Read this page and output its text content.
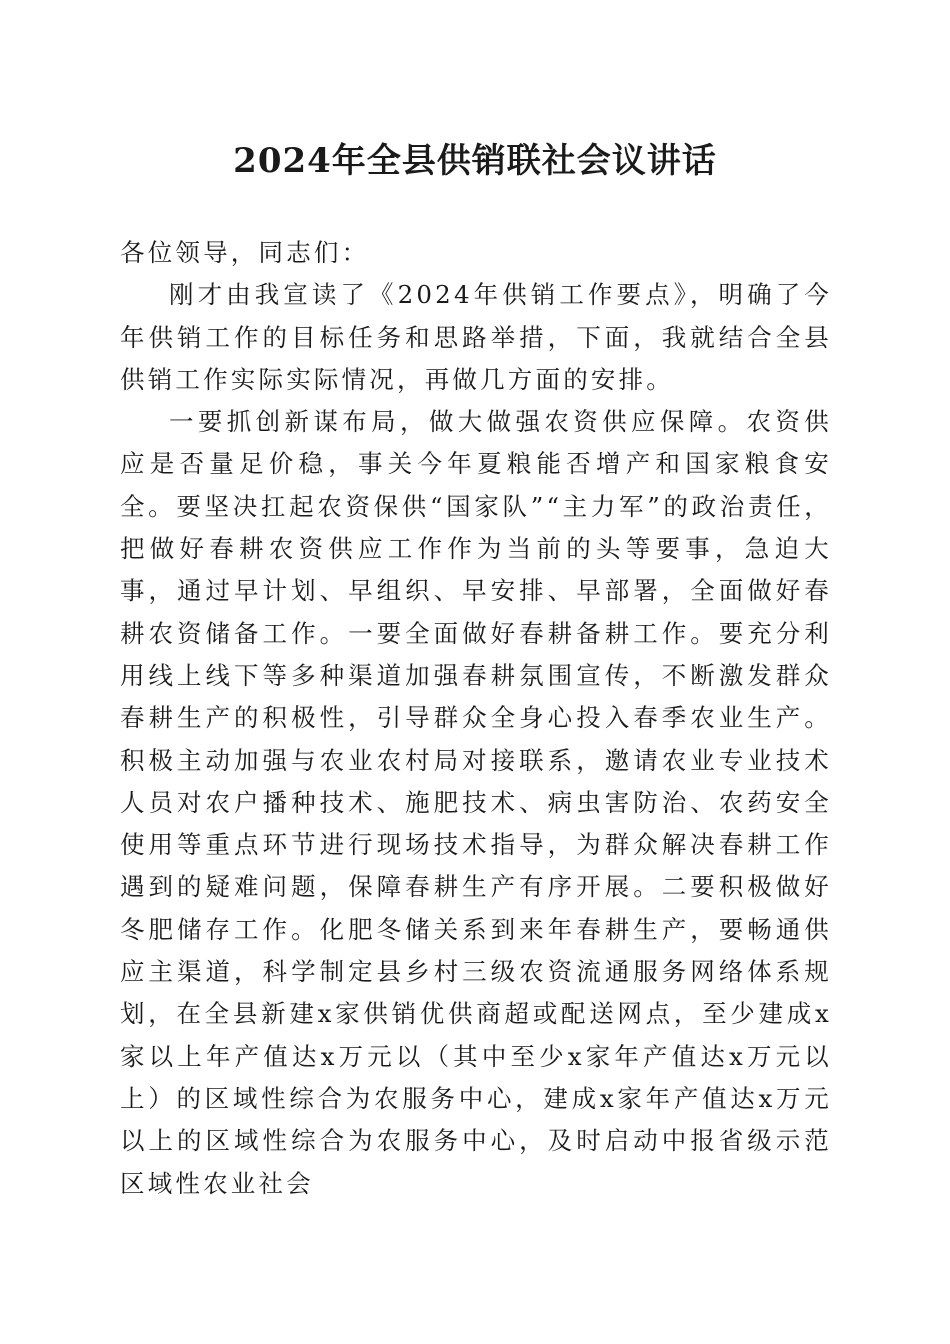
2024年全县供销联社会议讲话

各位领导，同志们：

刚才由我宣读了《2024年供销工作要点》，明确了今年供销工作的目标任务和思路举措，下面，我就结合全县供销工作实际实际情况，再做几方面的安排。

一要抓创新谋布局，做大做强农资供应保障。农资供应是否量足价稳，事关今年夏粮能否增产和国家粮食安全。要坚决扛起农资保供“国家队”“主力军”的政治责任，把做好春耕农资供应工作作为当前的头等要事，急迫大事，通过早计划、早组织、早安排、早部署，全面做好春耕农资储备工作。一要全面做好春耕备耕工作。要充分利用线上线下等多种渠道加强春耕氛围宣传，不断激发群众春耕生产的积极性，引导群众全身心投入春季农业生产。积极主动加强与农业农村局对接联系，邀请农业专业技术人员对农户播种技术、施肥技术、病虫害防治、农药安全使用等重点环节进行现场技术指导，为群众解决春耕工作遇到的疑难问题，保障春耕生产有序开展。二要积极做好冬肥储存工作。化肥冬储关系到来年春耕生产，要畅通供应主渠道，科学制定县乡村三级农资流通服务网络体系规划，在全县新建x家供销优供商超或配送网点，至少建成x家以上年产值达x万元以（其中至少x家年产值达x万元以上）的区域性综合为农服务中心，建成x家年产值达x万元以上的区域性综合为农服务中心，及时启动中报省级示范区域性农业社会
